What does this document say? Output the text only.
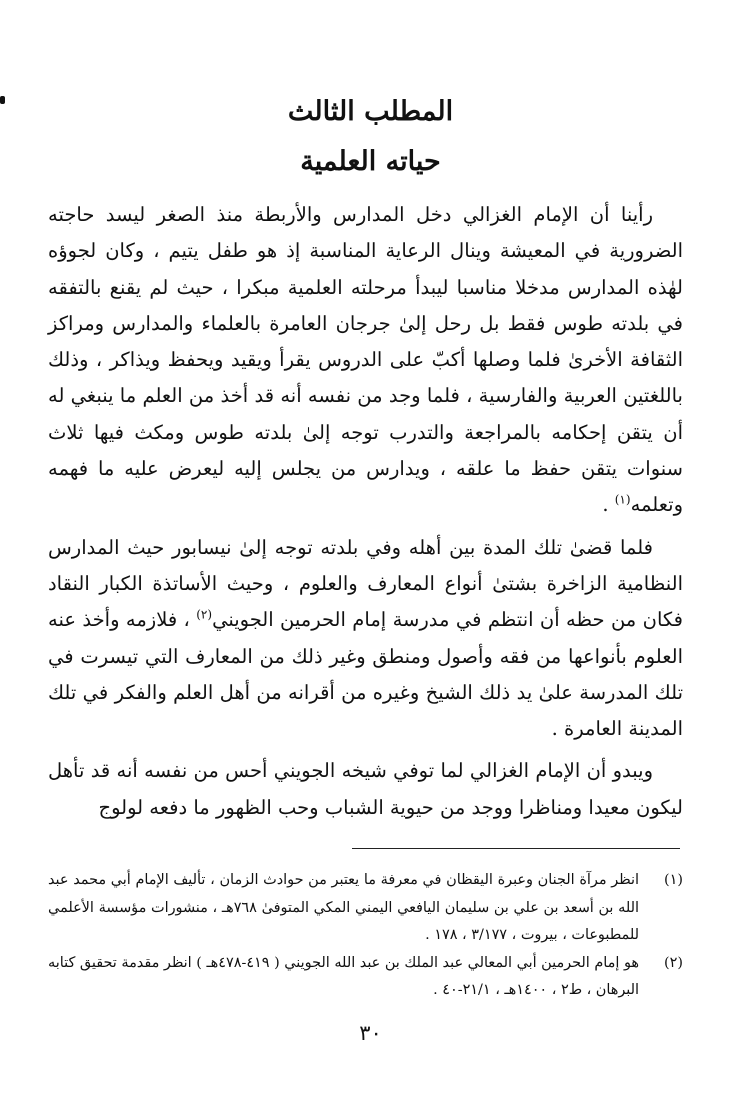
المطلب الثالث
حياته العلمية

رأينا أن الإمام الغزالي دخل المدارس والأربطة منذ الصغر ليسد حاجته الضرورية في المعيشة وينال الرعاية المناسبة إذ هو طفل يتيم ، وكان لجوؤه لهٰذه المدارس مدخلا مناسبا ليبدأ مرحلته العلمية مبكرا ، حيث لم يقنع بالتفقه في بلدته طوس فقط بل رحل إلىٰ جرجان العامرة بالعلماء والمدارس ومراكز الثقافة الأخرىٰ فلما وصلها أكبّ على الدروس يقرأ ويقيد ويحفظ ويذاكر ، وذلك باللغتين العربية والفارسية ، فلما وجد من نفسه أنه قد أخذ من العلم ما ينبغي له أن يتقن إحكامه بالمراجعة والتدرب توجه إلىٰ بلدته طوس ومكث فيها ثلاث سنوات يتقن حفظ ما علقه ، ويدارس من يجلس إليه ليعرض عليه ما فهمه وتعلمه$^{(١)}$ .

فلما قضىٰ تلك المدة بين أهله وفي بلدته توجه إلىٰ نيسابور حيث المدارس النظامية الزاخرة بشتىٰ أنواع المعارف والعلوم ، وحيث الأساتذة الكبار النقاد فكان من حظه أن انتظم في مدرسة إمام الحرمين الجويني$^{(٢)}$ ، فلازمه وأخذ عنه العلوم بأنواعها من فقه وأصول ومنطق وغير ذلك من المعارف التي تيسرت في تلك المدرسة علىٰ يد ذلك الشيخ وغيره من أقرانه من أهل العلم والفكر في تلك المدينة العامرة .

ويبدو أن الإمام الغزالي لما توفي شيخه الجويني أحس من نفسه أنه قد تأهل ليكون معيدا ومناظرا ووجد من حيوية الشباب وحب الظهور ما دفعه لولوج

(١)
انظر مرآة الجنان وعبرة اليقظان في معرفة ما يعتبر من حوادث الزمان ، تأليف الإمام أبي محمد عبد الله بن أسعد بن علي بن سليمان اليافعي اليمني المكي المتوفىٰ ٧٦٨هـ ، منشورات مؤسسة الأعلمي للمطبوعات ، بيروت ، ٣/١٧٧ ، ١٧٨ .
(٢)
هو إمام الحرمين أبي المعالي عبد الملك بن عبد الله الجويني ( ٤١٩-٤٧٨هـ ) انظر مقدمة تحقيق كتابه البرهان ، ط٢ ، ١٤٠٠هـ ، ٢١/١-٤٠ .
٣٠
